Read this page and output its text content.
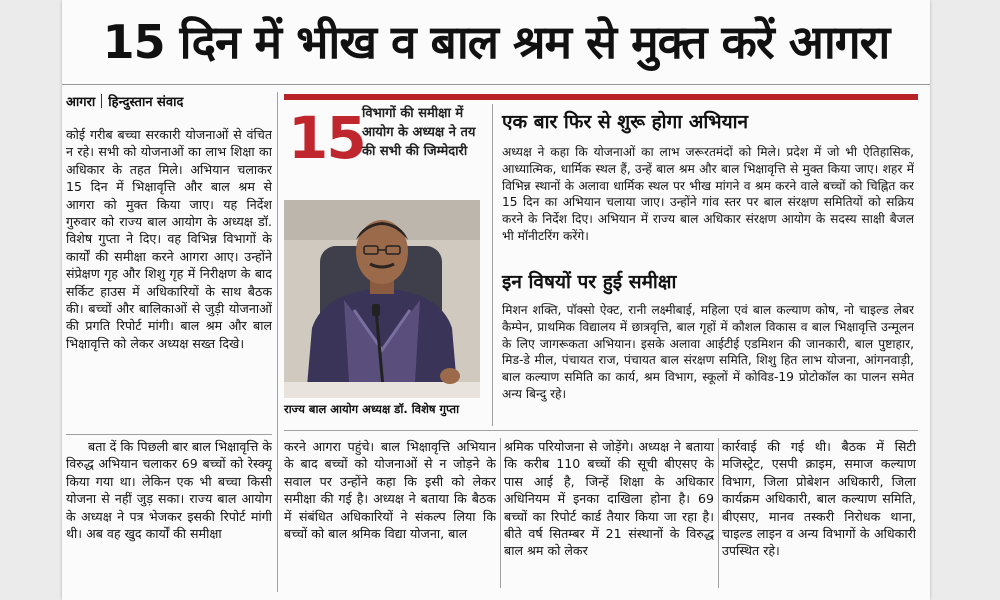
15 दिन में भीख व बाल श्रम से मुक्त करें आगरा
आगरा हिन्दुस्तान संवाद

कोई गरीब बच्चा सरकारी योजनाओं से वंचित न रहे। सभी को योजनाओं का लाभ शिक्षा का अधिकार के तहत मिले। अभियान चलाकर 15 दिन में भिक्षावृत्ति और बाल श्रम से आगरा को मुक्त किया जाए। यह निर्देश गुरुवार को राज्य बाल आयोग के अध्यक्ष डॉ. विशेष गुप्ता ने दिए। वह विभिन्न विभागों के कार्यों की समीक्षा करने आगरा आए। उन्होंने संप्रेक्षण गृह और शिशु गृह में निरीक्षण के बाद सर्किट हाउस में अधिकारियों के साथ बैठक की। बच्चों और बालिकाओं से जुड़ी योजनाओं की प्रगति रिपोर्ट मांगी। बाल श्रम और बाल भिक्षावृत्ति को लेकर अध्यक्ष सख्त दिखे।

बता दें कि पिछली बार बाल भिक्षावृत्ति के विरुद्ध अभियान चलाकर 69 बच्चों को रेस्क्यू किया गया था। लेकिन एक भी बच्चा किसी योजना से नहीं जुड़ सका। राज्य बाल आयोग के अध्यक्ष ने पत्र भेजकर इसकी रिपोर्ट मांगी थी। अब वह खुद कार्यों की समीक्षा

15
विभागों की समीक्षा में आयोग के अध्यक्ष ने तय की सभी की जिम्मेदारी
राज्य बाल आयोग अध्यक्ष डॉ. विशेष गुप्ता
एक बार फिर से शुरू होगा अभियान

अध्यक्ष ने कहा कि योजनाओं का लाभ जरूरतमंदों को मिले। प्रदेश में जो भी ऐतिहासिक, आध्यात्मिक, धार्मिक स्थल हैं, उन्हें बाल श्रम और बाल भिक्षावृत्ति से मुक्त किया जाए। शहर में विभिन्न स्थानों के अलावा धार्मिक स्थल पर भीख मांगने व श्रम करने वाले बच्चों को चिह्नित कर 15 दिन का अभियान चलाया जाए। उन्होंने गांव स्तर पर बाल संरक्षण समितियों को सक्रिय करने के निर्देश दिए। अभियान में राज्य बाल अधिकार संरक्षण आयोग के सदस्य साक्षी बैजल भी मॉनीटरिंग करेंगे।

इन विषयों पर हुई समीक्षा

मिशन शक्ति, पॉक्सो ऐक्ट, रानी लक्ष्मीबाई, महिला एवं बाल कल्याण कोष, नो चाइल्ड लेबर कैम्पेन, प्राथमिक विद्यालय में छात्रवृत्ति, बाल गृहों में कौशल विकास व बाल भिक्षावृत्ति उन्मूलन के लिए जागरूकता अभियान। इसके अलावा आईटीई एडमिशन की जानकारी, बाल पुष्टाहार, मिड-डे मील, पंचायत राज, पंचायत बाल संरक्षण समिति, शिशु हित लाभ योजना, आंगनवाड़ी, बाल कल्याण समिति का कार्य, श्रम विभाग, स्कूलों में कोविड-19 प्रोटोकॉल का पालन समेत अन्य बिन्दु रहे।

करने आगरा पहुंचे। बाल भिक्षावृत्ति अभियान के बाद बच्चों को योजनाओं से न जोड़ने के सवाल पर उन्होंने कहा कि इसी को लेकर समीक्षा की गई है। अध्यक्ष ने बताया कि बैठक में संबंधित अधिकारियों ने संकल्प लिया कि बच्चों को बाल श्रमिक विद्या योजना, बाल

श्रमिक परियोजना से जोड़ेंगे। अध्यक्ष ने बताया कि करीब 110 बच्चों की सूची बीएसए के पास आई है, जिन्हें शिक्षा के अधिकार अधिनियम में इनका दाखिला होना है। 69 बच्चों का रिपोर्ट कार्ड तैयार किया जा रहा है। बीते वर्ष सितम्बर में 21 संस्थानों के विरुद्ध बाल श्रम को लेकर

कार्रवाई की गई थी। बैठक में सिटी मजिस्ट्रेट, एसपी क्राइम, समाज कल्याण विभाग, जिला प्रोबेशन अधिकारी, जिला कार्यक्रम अधिकारी, बाल कल्याण समिति, बीएसए, मानव तस्करी निरोधक थाना, चाइल्ड लाइन व अन्य विभागों के अधिकारी उपस्थित रहे।
